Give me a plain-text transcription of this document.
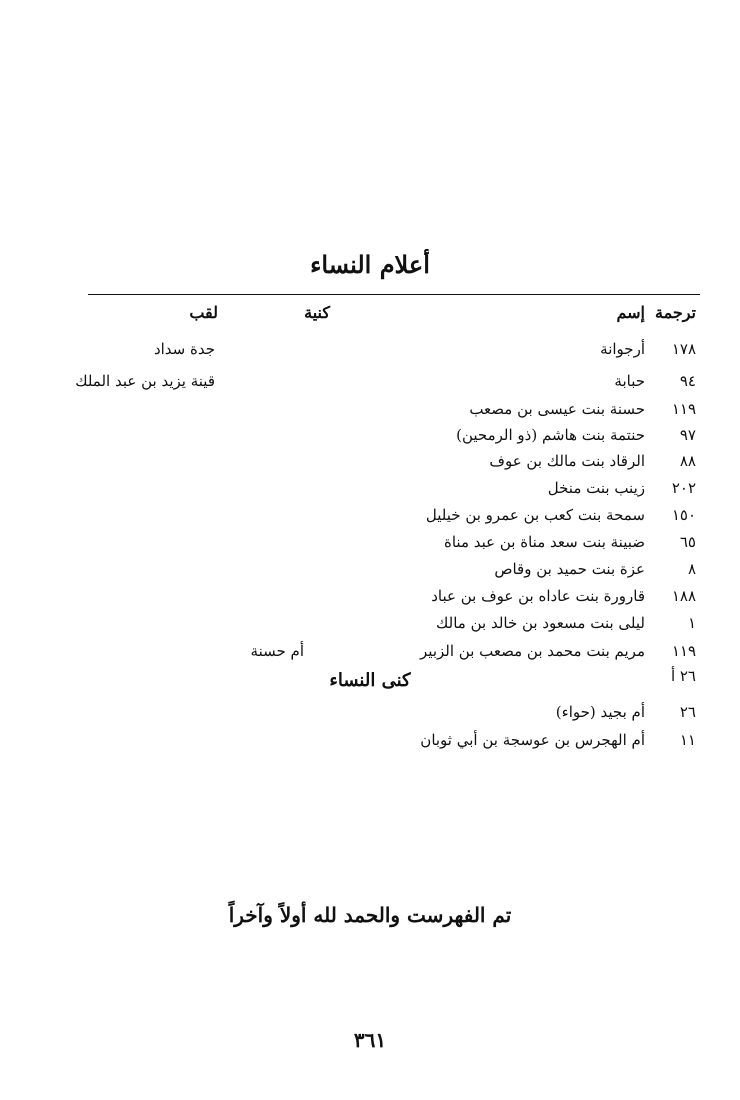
أعلام النساء
ترجمة
إسم
كنية
لقب
١٧٨
أرجوانة
جدة سداد
٩٤
حبابة
قينة يزيد بن عبد الملك
١١٩
حسنة بنت عيسى بن مصعب
٩٧
حنتمة بنت هاشم (ذو الرمحين)
٨٨
الرقاد بنت مالك بن عوف
٢٠٢
زينب بنت منخل
١٥٠
سمحة بنت كعب بن عمرو بن خيليل
٦٥
ضبينة بنت سعد مناة بن عبد مناة
٨
عزة بنت حميد بن وقاص
١٨٨
قارورة بنت عاداه بن عوف بن عباد
١
ليلى بنت مسعود بن خالد بن مالك
١١٩
مريم بنت محمد بن مصعب بن الزبير
أم حسنة
٢٦ أ
كنى النساء
٢٦
أم بجيد (حواء)
١١
أم الهجرس بن عوسجة بن أبي ثوبان
تم الفهرست والحمد لله أولاً وآخراً
٣٦١
